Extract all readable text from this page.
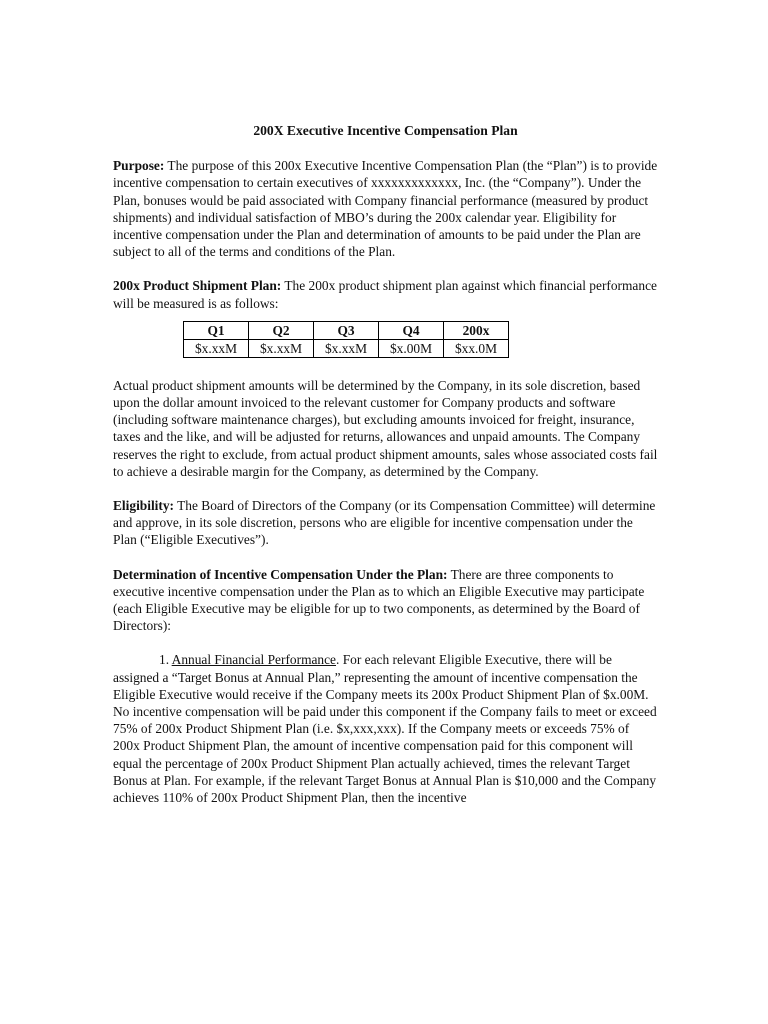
200X Executive Incentive Compensation Plan

Purpose: The purpose of this 200x Executive Incentive Compensation Plan (the “Plan”) is to provide incentive compensation to certain executives of xxxxxxxxxxxxx, Inc. (the “Company”). Under the Plan, bonuses would be paid associated with Company financial performance (measured by product shipments) and individual satisfaction of MBO’s during the 200x calendar year. Eligibility for incentive compensation under the Plan and determination of amounts to be paid under the Plan are subject to all of the terms and conditions of the Plan.

200x Product Shipment Plan: The 200x product shipment plan against which financial performance will be measured is as follows:

Q1	Q2	Q3	Q4	200x
$x.xxM	$x.xxM	$x.xxM	$x.00M	$xx.0M

Actual product shipment amounts will be determined by the Company, in its sole discretion, based upon the dollar amount invoiced to the relevant customer for Company products and software (including software maintenance charges), but excluding amounts invoiced for freight, insurance, taxes and the like, and will be adjusted for returns, allowances and unpaid amounts. The Company reserves the right to exclude, from actual product shipment amounts, sales whose associated costs fail to achieve a desirable margin for the Company, as determined by the Company.

Eligibility: The Board of Directors of the Company (or its Compensation Committee) will determine and approve, in its sole discretion, persons who are eligible for incentive compensation under the Plan (“Eligible Executives”).

Determination of Incentive Compensation Under the Plan: There are three components to executive incentive compensation under the Plan as to which an Eligible Executive may participate (each Eligible Executive may be eligible for up to two components, as determined by the Board of Directors):

1. Annual Financial Performance. For each relevant Eligible Executive, there will be assigned a “Target Bonus at Annual Plan,” representing the amount of incentive compensation the Eligible Executive would receive if the Company meets its 200x Product Shipment Plan of $x.00M. No incentive compensation will be paid under this component if the Company fails to meet or exceed 75% of 200x Product Shipment Plan (i.e. $x,xxx,xxx). If the Company meets or exceeds 75% of 200x Product Shipment Plan, the amount of incentive compensation paid for this component will equal the percentage of 200x Product Shipment Plan actually achieved, times the relevant Target Bonus at Plan. For example, if the relevant Target Bonus at Annual Plan is $10,000 and the Company achieves 110% of 200x Product Shipment Plan, then the incentive
